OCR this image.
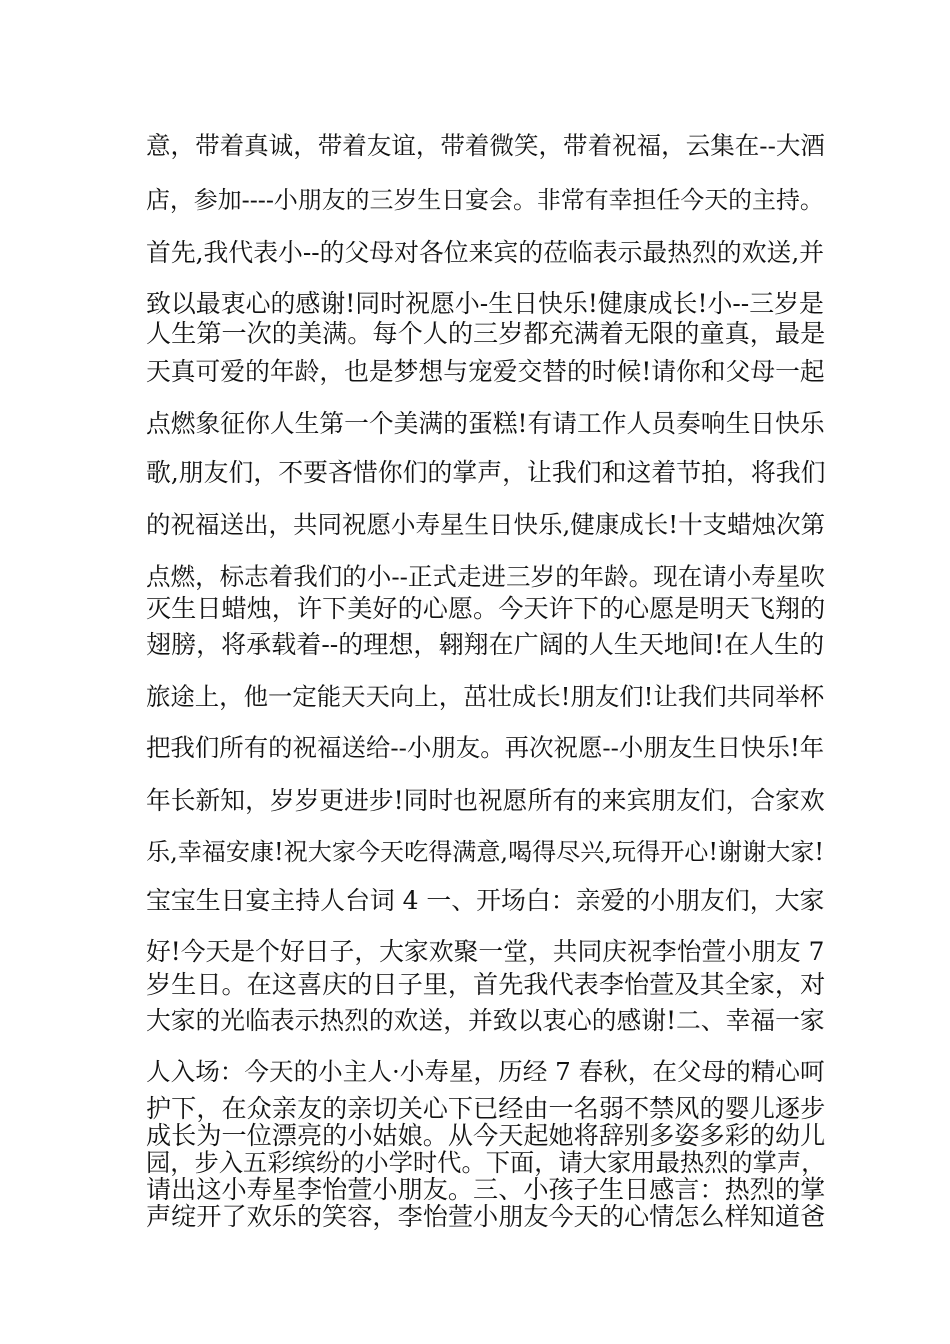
意，带着真诚，带着友谊，带着微笑，带着祝福，云集在--大酒
店，参加----小朋友的三岁生日宴会。非常有幸担任今天的主持。
首先,我代表小--的父母对各位来宾的莅临表示最热烈的欢送,并
致以最衷心的感谢!同时祝愿小-生日快乐!健康成长!小--三岁是
人生第一次的美满。每个人的三岁都充满着无限的童真，最是
天真可爱的年龄，也是梦想与宠爱交替的时候!请你和父母一起
点燃象征你人生第一个美满的蛋糕!有请工作人员奏响生日快乐
歌,朋友们，不要吝惜你们的掌声，让我们和这着节拍，将我们
的祝福送出，共同祝愿小寿星生日快乐,健康成长!十支蜡烛次第
点燃，标志着我们的小--正式走进三岁的年龄。现在请小寿星吹
灭生日蜡烛，许下美好的心愿。今天许下的心愿是明天飞翔的
翅膀，将承载着--的理想，翱翔在广阔的人生天地间!在人生的
旅途上，他一定能天天向上，茁壮成长!朋友们!让我们共同举杯
把我们所有的祝福送给--小朋友。再次祝愿--小朋友生日快乐!年
年长新知，岁岁更进步!同时也祝愿所有的来宾朋友们，合家欢
乐,幸福安康!祝大家今天吃得满意,喝得尽兴,玩得开心!谢谢大家!
宝宝生日宴主持人台词 4 一、开场白：亲爱的小朋友们，大家
好!今天是个好日子，大家欢聚一堂，共同庆祝李怡萱小朋友 7
岁生日。在这喜庆的日子里，首先我代表李怡萱及其全家，对
大家的光临表示热烈的欢送，并致以衷心的感谢!二、幸福一家
人入场：今天的小主人·小寿星，历经 7 春秋，在父母的精心呵
护下，在众亲友的亲切关心下已经由一名弱不禁风的婴儿逐步
成长为一位漂亮的小姑娘。从今天起她将辞别多姿多彩的幼儿
园，步入五彩缤纷的小学时代。下面，请大家用最热烈的掌声，
请出这小寿星李怡萱小朋友。三、小孩子生日感言：热烈的掌
声绽开了欢乐的笑容，李怡萱小朋友今天的心情怎么样知道爸
